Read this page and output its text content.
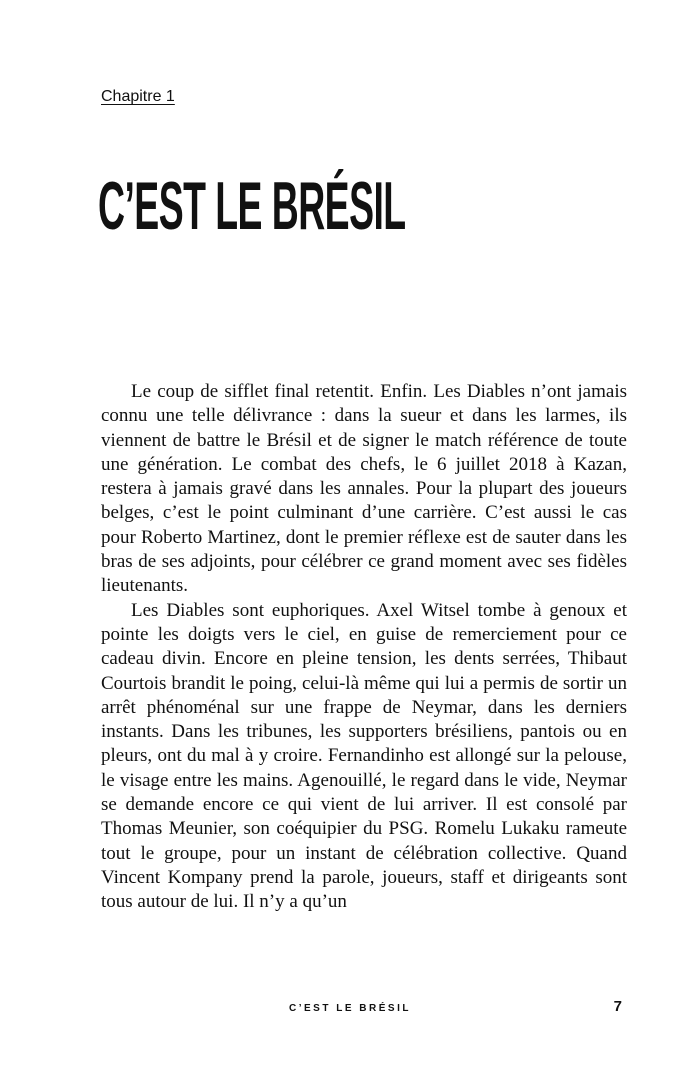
Chapitre 1
C’EST LE BRÉSIL

Le coup de sifflet final retentit. Enfin. Les Diables n’ont jamais connu une telle délivrance : dans la sueur et dans les larmes, ils viennent de battre le Brésil et de signer le match référence de toute une génération. Le combat des chefs, le 6 juillet 2018 à Kazan, restera à jamais gravé dans les annales. Pour la plupart des joueurs belges, c’est le point culminant d’une carrière. C’est aussi le cas pour Roberto Martinez, dont le premier réflexe est de sauter dans les bras de ses adjoints, pour célébrer ce grand moment avec ses fidèles lieutenants.

Les Diables sont euphoriques. Axel Witsel tombe à genoux et pointe les doigts vers le ciel, en guise de remerciement pour ce cadeau divin. Encore en pleine tension, les dents serrées, Thibaut Courtois brandit le poing, celui-là même qui lui a permis de sortir un arrêt phénoménal sur une frappe de Neymar, dans les derniers instants. Dans les tribunes, les supporters brésiliens, pantois ou en pleurs, ont du mal à y croire. Fernandinho est allongé sur la pelouse, le visage entre les mains. Agenouillé, le regard dans le vide, Neymar se demande encore ce qui vient de lui arriver. Il est consolé par Thomas Meunier, son coéquipier du PSG. Romelu Lukaku rameute tout le groupe, pour un instant de célébration collective. Quand Vincent Kompany prend la parole, joueurs, staff et dirigeants sont tous autour de lui. Il n’y a qu’un

C’EST LE BRÉSIL	7
